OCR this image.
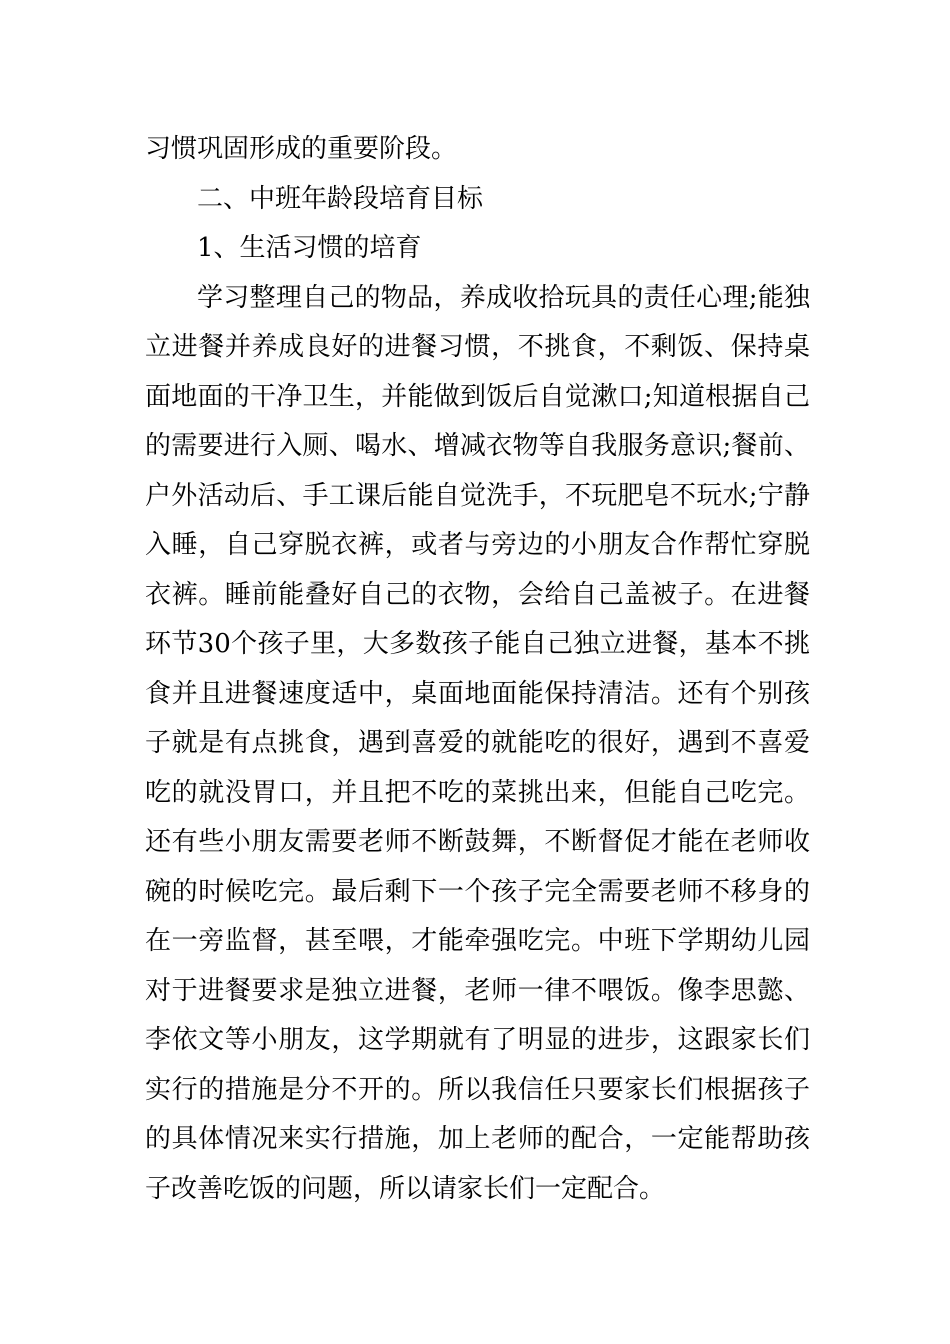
习惯巩固形成的重要阶段。
二、中班年龄段培育目标
1、生活习惯的培育
学习整理自己的物品，养成收拾玩具的责任心理;能独
立进餐并养成良好的进餐习惯，不挑食，不剩饭、保持桌
面地面的干净卫生，并能做到饭后自觉漱口;知道根据自己
的需要进行入厕、喝水、增减衣物等自我服务意识;餐前、
户外活动后、手工课后能自觉洗手，不玩肥皂不玩水;宁静
入睡，自己穿脱衣裤，或者与旁边的小朋友合作帮忙穿脱
衣裤。睡前能叠好自己的衣物，会给自己盖被子。在进餐
环节30个孩子里，大多数孩子能自己独立进餐，基本不挑
食并且进餐速度适中，桌面地面能保持清洁。还有个别孩
子就是有点挑食，遇到喜爱的就能吃的很好，遇到不喜爱
吃的就没胃口，并且把不吃的菜挑出来，但能自己吃完。
还有些小朋友需要老师不断鼓舞，不断督促才能在老师收
碗的时候吃完。最后剩下一个孩子完全需要老师不移身的
在一旁监督，甚至喂，才能牵强吃完。中班下学期幼儿园
对于进餐要求是独立进餐，老师一律不喂饭。像李思懿、
李依文等小朋友，这学期就有了明显的进步，这跟家长们
实行的措施是分不开的。所以我信任只要家长们根据孩子
的具体情况来实行措施，加上老师的配合，一定能帮助孩
子改善吃饭的问题，所以请家长们一定配合。
